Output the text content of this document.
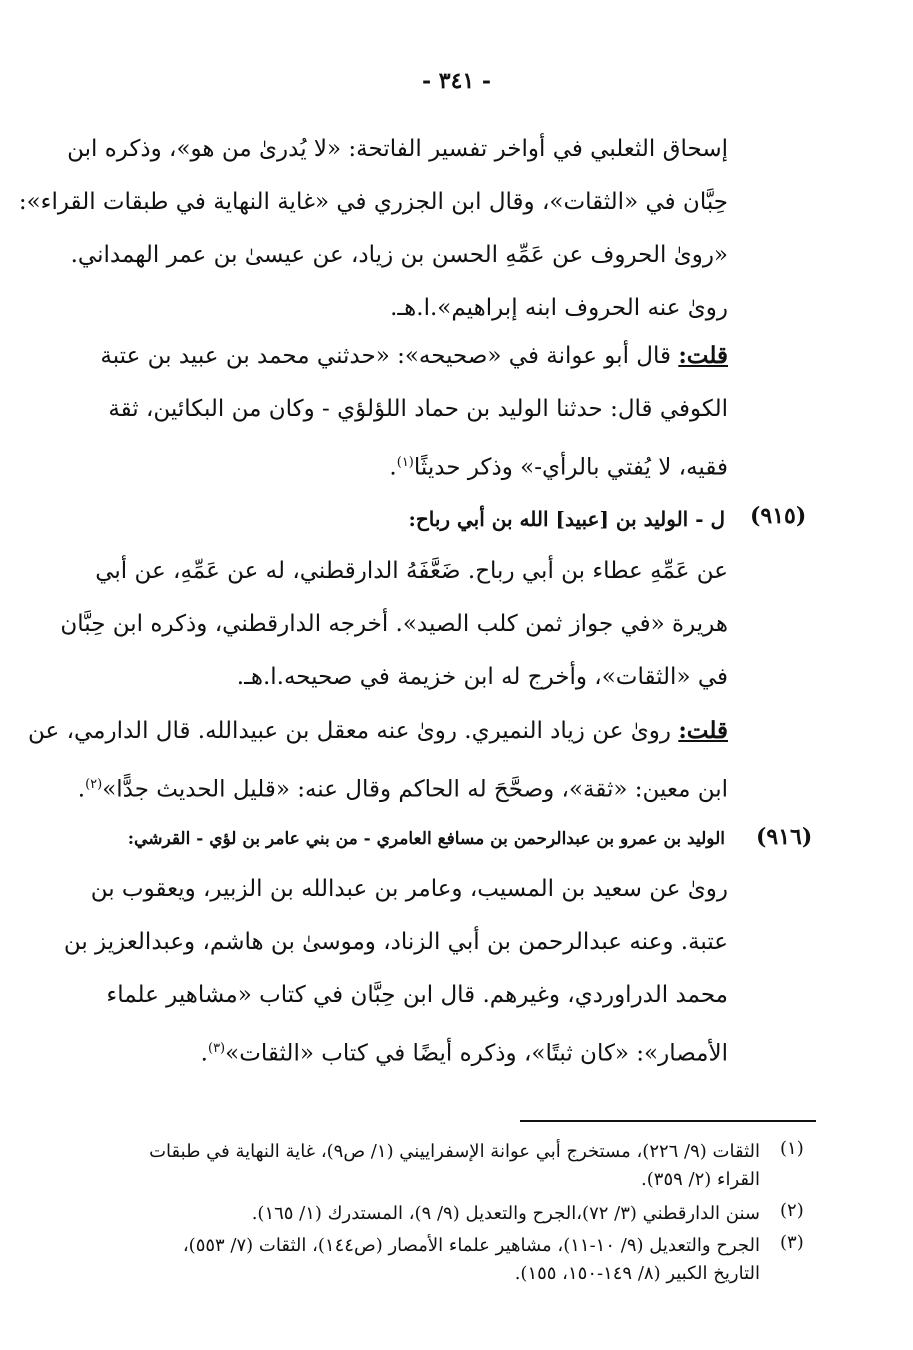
- ٣٤١ -
إسحاق الثعلبي في أواخر تفسير الفاتحة: «لا يُدرىٰ من هو»، وذكره ابن
حِبَّان في «الثقات»، وقال ابن الجزري في «غاية النهاية في طبقات القراء»:
«روىٰ الحروف عن عَمِّهِ الحسن بن زياد، عن عيسىٰ بن عمر الهمداني.
روىٰ عنه الحروف ابنه إبراهيم».ا.هـ.
قلت: قال أبو عوانة في «صحيحه»: «حدثني محمد بن عبيد بن عتبة
الكوفي قال: حدثنا الوليد بن حماد اللؤلؤي - وكان من البكائين، ثقة
فقيه، لا يُفتي بالرأي-» وذكر حديثًا$^{(١)}$.
(٩١٥)
ل - الوليد بن [عبيد] الله بن أبي رباح:
عن عَمِّهِ عطاء بن أبي رباح. ضَعَّفَهُ الدارقطني، له عن عَمِّهِ، عن أبي
هريرة «في جواز ثمن كلب الصيد». أخرجه الدارقطني، وذكره ابن حِبَّان
في «الثقات»، وأخرج له ابن خزيمة في صحيحه.ا.هـ.
قلت: روىٰ عن زياد النميري. روىٰ عنه معقل بن عبيدالله. قال الدارمي، عن
ابن معين: «ثقة»، وصحَّحَ له الحاكم وقال عنه: «قليل الحديث جدًّا»$^{(٢)}$.
(٩١٦)
الوليد بن عمرو بن عبدالرحمن بن مسافع العامري - من بني عامر بن لؤي - القرشي:
روىٰ عن سعيد بن المسيب، وعامر بن عبدالله بن الزبير، ويعقوب بن
عتبة. وعنه عبدالرحمن بن أبي الزناد، وموسىٰ بن هاشم، وعبدالعزيز بن
محمد الدراوردي، وغيرهم. قال ابن حِبَّان في كتاب «مشاهير علماء
الأمصار»: «كان ثبتًا»، وذكره أيضًا في كتاب «الثقات»$^{(٣)}$.
(١)
الثقات (٩/ ٢٢٦)، مستخرج أبي عوانة الإسفراييني (١/ ص٩)، غاية النهاية في طبقات
القراء (٢/ ٣٥٩).
(٢)
سنن الدارقطني (٣/ ٧٢)،الجرح والتعديل (٩/ ٩)، المستدرك (١/ ١٦٥).
(٣)
الجرح والتعديل (٩/ ١٠-١١)، مشاهير علماء الأمصار (ص١٤٤)، الثقات (٧/ ٥٥٣)،
التاريخ الكبير (٨/ ١٤٩-١٥٠، ١٥٥).
